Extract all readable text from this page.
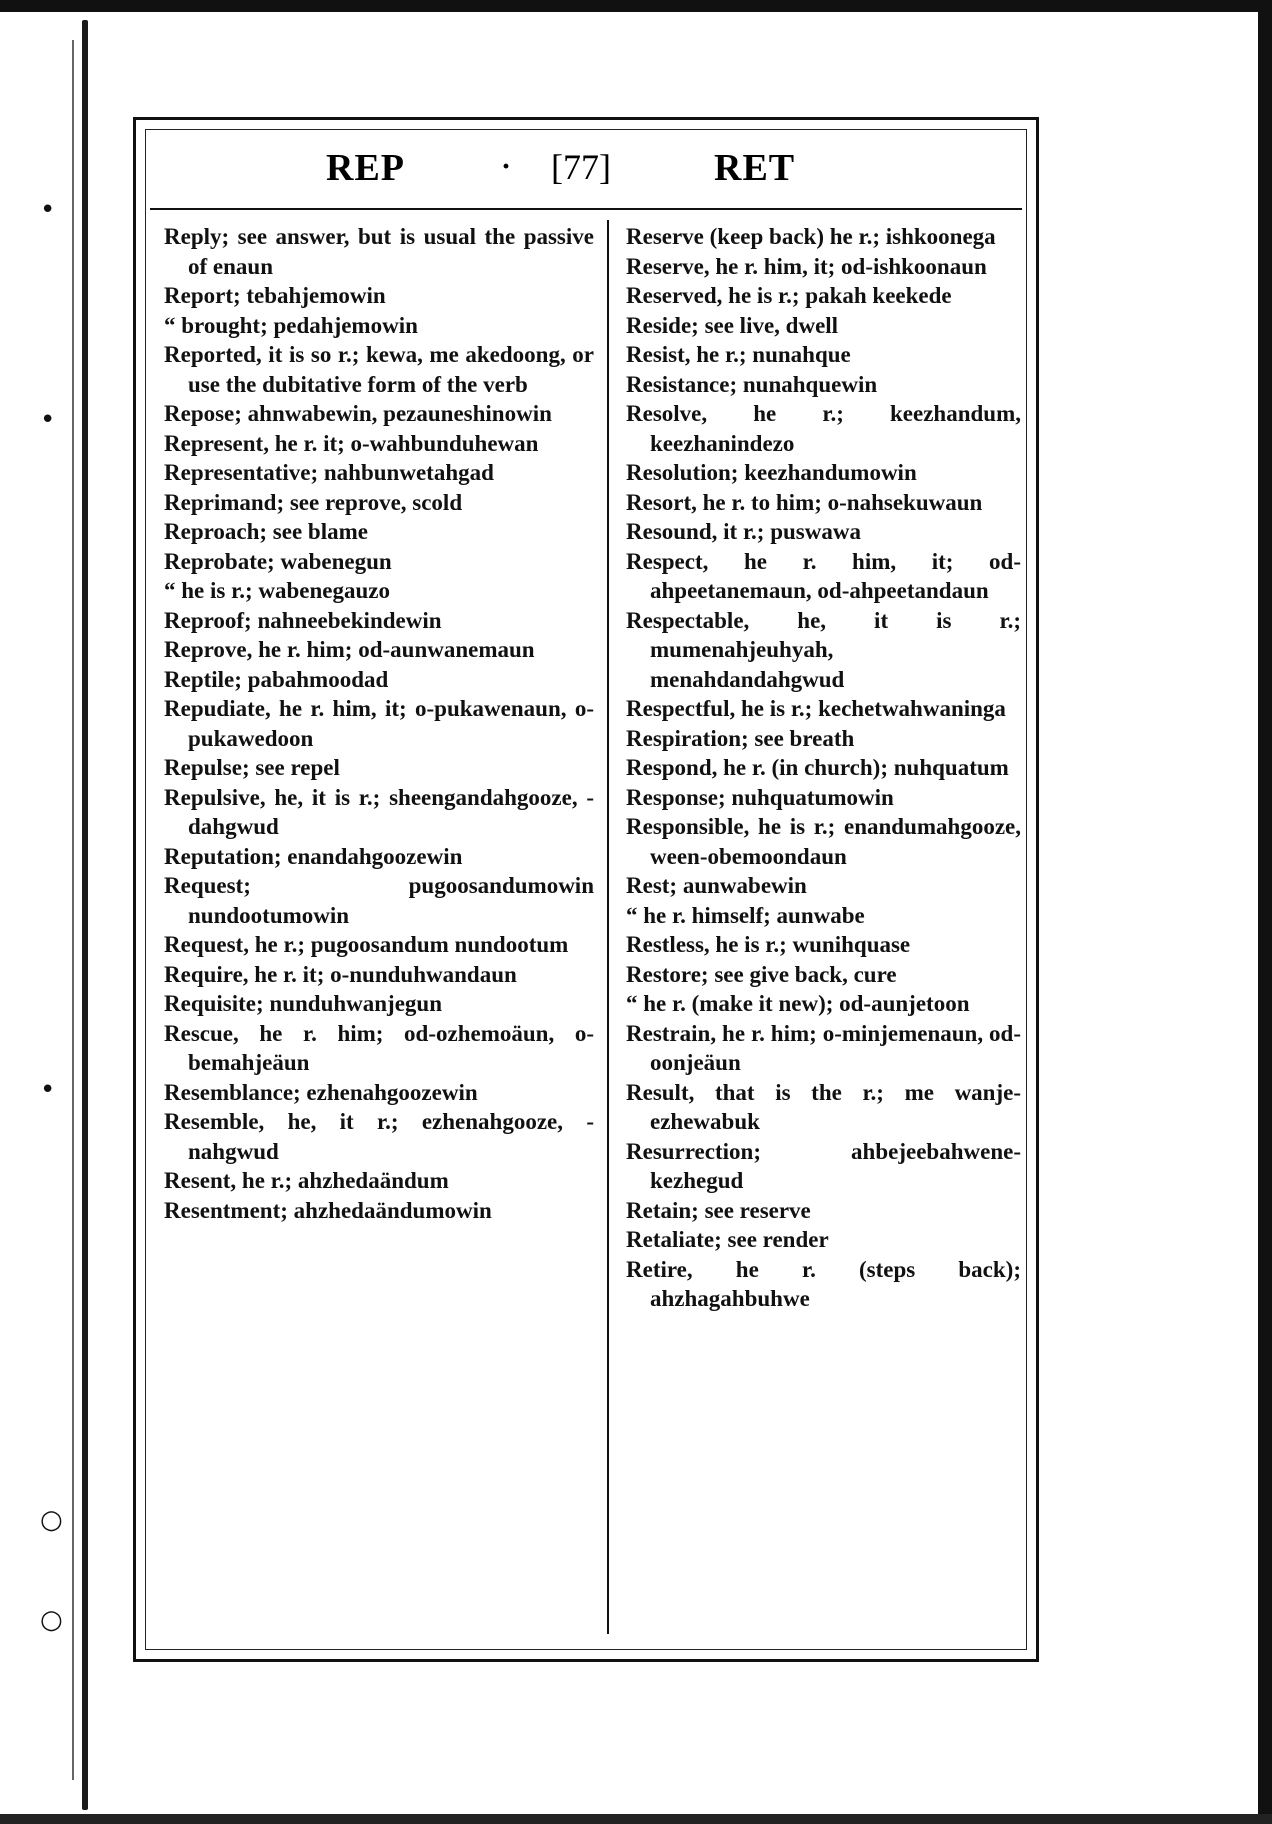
•
•
•
○
○
REP	· [77]	RET

Reply; see answer, but is usual the passive of enaun

Report; tebahjemowin

“ brought; pedahjemowin

Reported, it is so r.; kewa, me akedoong, or use the dubitative form of the verb

Repose; ahnwabewin, pezauneshinowin

Represent, he r. it; o-wahbunduhewan

Representative; nahbunwetahgad

Reprimand; see reprove, scold

Reproach; see blame

Reprobate; wabenegun

“ he is r.; wabenegauzo

Reproof; nahneebekindewin

Reprove, he r. him; od-aunwanemaun

Reptile; pabahmoodad

Repudiate, he r. him, it; o-pukawenaun, o-pukawedoon

Repulse; see repel

Repulsive, he, it is r.; sheengandahgooze, -dahgwud

Reputation; enandahgoozewin

Request; pugoosandumowin nundootumowin

Request, he r.; pugoosandum nundootum

Require, he r. it; o-nunduhwandaun

Requisite; nunduhwanjegun

Rescue, he r. him; od-ozhemoäun, o-bemahjeäun

Resemblance; ezhenahgoozewin

Resemble, he, it r.; ezhenahgooze, -nahgwud

Resent, he r.; ahzhedaändum

Resentment; ahzhedaändumowin

Reserve (keep back) he r.; ishkoonega

Reserve, he r. him, it; od-ishkoonaun

Reserved, he is r.; pakah keekede

Reside; see live, dwell

Resist, he r.; nunahque

Resistance; nunahquewin

Resolve, he r.; keezhandum, keezhanindezo

Resolution; keezhandumowin

Resort, he r. to him; o-nahsekuwaun

Resound, it r.; puswawa

Respect, he r. him, it; od-ahpeetanemaun, od-ahpeetandaun

Respectable, he, it is r.; mumenahjeuhyah, menahdandahgwud

Respectful, he is r.; kechetwahwaninga

Respiration; see breath

Respond, he r. (in church); nuhquatum

Response; nuhquatumowin

Responsible, he is r.; enandumahgooze, ween-obemoondaun

Rest; aunwabewin

“ he r. himself; aunwabe

Restless, he is r.; wunihquase

Restore; see give back, cure

“ he r. (make it new); od-aunjetoon

Restrain, he r. him; o-minjemenaun, od-oonjeäun

Result, that is the r.; me wanje-ezhewabuk

Resurrection; ahbejeebahwene-kezhegud

Retain; see reserve

Retaliate; see render

Retire, he r. (steps back); ahzhagahbuhwe
